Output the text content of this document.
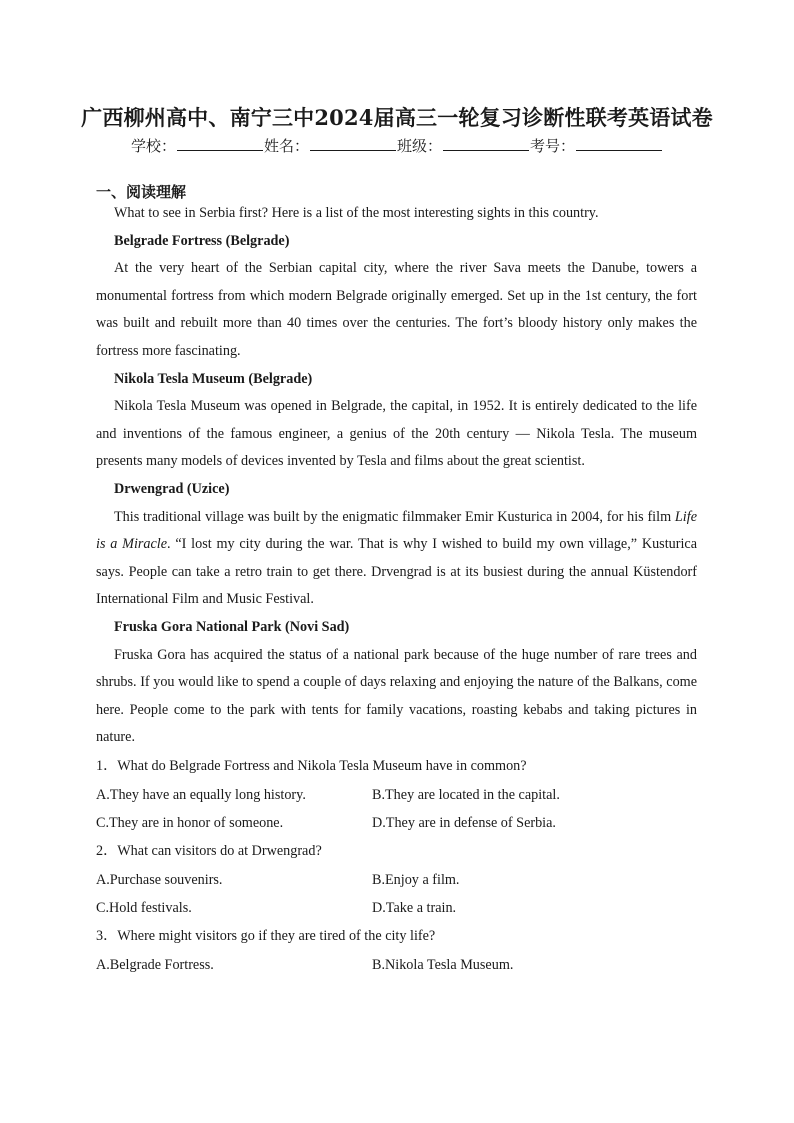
广西柳州高中、南宁三中2024届高三一轮复习诊断性联考英语试卷
学校：	姓名：	班级：	考号：
一、阅读理解

What to see in Serbia first? Here is a list of the most interesting sights in this country.

Belgrade Fortress (Belgrade)

At the very heart of the Serbian capital city, where the river Sava meets the Danube, towers a monumental fortress from which modern Belgrade originally emerged. Set up in the 1st century, the fort was built and rebuilt more than 40 times over the centuries. The fort’s bloody history only makes the fortress more fascinating.

Nikola Tesla Museum (Belgrade)

Nikola Tesla Museum was opened in Belgrade, the capital, in 1952. It is entirely dedicated to the life and inventions of the famous engineer, a genius of the 20th century — Nikola Tesla. The museum presents many models of devices invented by Tesla and films about the great scientist.

Drwengrad (Uzice)

This traditional village was built by the enigmatic filmmaker Emir Kusturica in 2004, for his film Life is a Miracle. “I lost my city during the war. That is why I wished to build my own village,” Kusturica says. People can take a retro train to get there. Drvengrad is at its busiest during the annual Küstendorf International Film and Music Festival.

Fruska Gora National Park (Novi Sad)

Fruska Gora has acquired the status of a national park because of the huge number of rare trees and shrubs. If you would like to spend a couple of days relaxing and enjoying the nature of the Balkans, come here. People come to the park with tents for family vacations, roasting kebabs and taking pictures in nature.

1．What do Belgrade Fortress and Nikola Tesla Museum have in common?
A.They have an equally long history.	B.They are located in the capital.
C.They are in honor of someone.	D.They are in defense of Serbia.
2．What can visitors do at Drwengrad?
A.Purchase souvenirs.	B.Enjoy a film.
C.Hold festivals.	D.Take a train.
3．Where might visitors go if they are tired of the city life?
A.Belgrade Fortress.	B.Nikola Tesla Museum.
